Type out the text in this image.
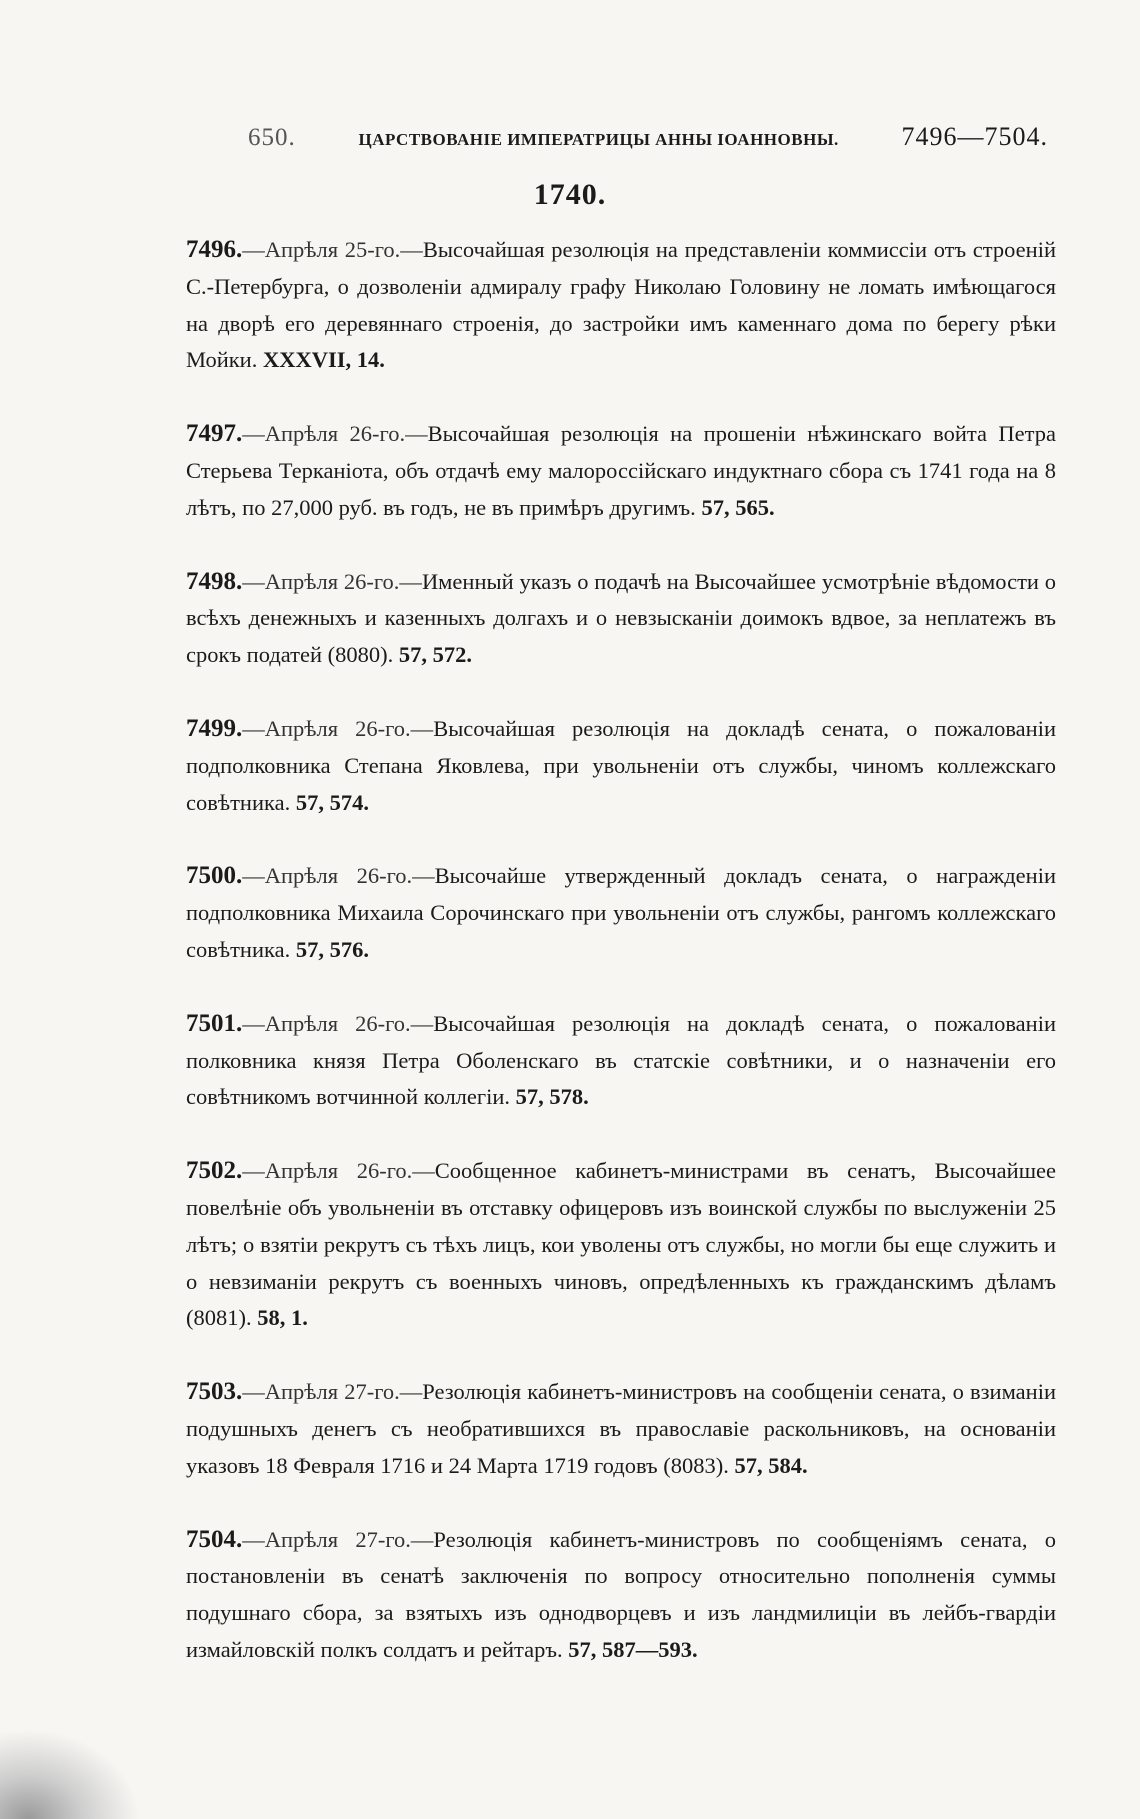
650.	ЦАРСТВОВАНІЕ ИМПЕРАТРИЦЫ АННЫ ІОАННОВНЫ. 7496—7504.
1740.

7496.—Апрѣля 25-го.—Высочайшая резолюція на представленіи коммиссіи отъ строеній С.-Петербурга, о дозволеніи адмиралу графу Николаю Головину не ломать имѣющагося на дворѣ его деревяннаго строенія, до застройки имъ каменнаго дома по берегу рѣки Мойки. XXXVII, 14.

7497.—Апрѣля 26-го.—Высочайшая резолюція на прошеніи нѣжинскаго войта Петра Стерьева Терканіота, объ отдачѣ ему малороссійскаго индуктнаго сбора съ 1741 года на 8 лѣтъ, по 27,000 руб. въ годъ, не въ примѣръ другимъ. 57, 565.

7498.—Апрѣля 26-го.—Именный указъ о подачѣ на Высочайшее усмотрѣніе вѣдомости о всѣхъ денежныхъ и казенныхъ долгахъ и о невзысканіи доимокъ вдвое, за неплатежъ въ срокъ податей (8080). 57, 572.

7499.—Апрѣля 26-го.—Высочайшая резолюція на докладѣ сената, о пожалованіи подполковника Степана Яковлева, при увольненіи отъ службы, чиномъ коллежскаго совѣтника. 57, 574.

7500.—Апрѣля 26-го.—Высочайше утвержденный докладъ сената, о награжденіи подполковника Михаила Сорочинскаго при увольненіи отъ службы, рангомъ коллежскаго совѣтника. 57, 576.

7501.—Апрѣля 26-го.—Высочайшая резолюція на докладѣ сената, о пожалованіи полковника князя Петра Оболенскаго въ статскіе совѣтники, и о назначеніи его совѣтникомъ вотчинной коллегіи. 57, 578.

7502.—Апрѣля 26-го.—Сообщенное кабинетъ-министрами въ сенатъ, Высочайшее повелѣніе объ увольненіи въ отставку офицеровъ изъ воинской службы по выслуженіи 25 лѣтъ; о взятіи рекрутъ съ тѣхъ лицъ, кои уволены отъ службы, но могли бы еще служить и о невзиманіи рекрутъ съ военныхъ чиновъ, опредѣленныхъ къ гражданскимъ дѣламъ (8081). 58, 1.

7503.—Апрѣля 27-го.—Резолюція кабинетъ-министровъ на сообщеніи сената, о взиманіи подушныхъ денегъ съ необратившихся въ православіе раскольниковъ, на основаніи указовъ 18 Февраля 1716 и 24 Марта 1719 годовъ (8083). 57, 584.

7504.—Апрѣля 27-го.—Резолюція кабинетъ-министровъ по сообщеніямъ сената, о постановленіи въ сенатѣ заключенія по вопросу относительно пополненія суммы подушнаго сбора, за взятыхъ изъ однодворцевъ и изъ ландмилиціи въ лейбъ-гвардіи измайловскій полкъ солдатъ и рейтаръ. 57, 587—593.
